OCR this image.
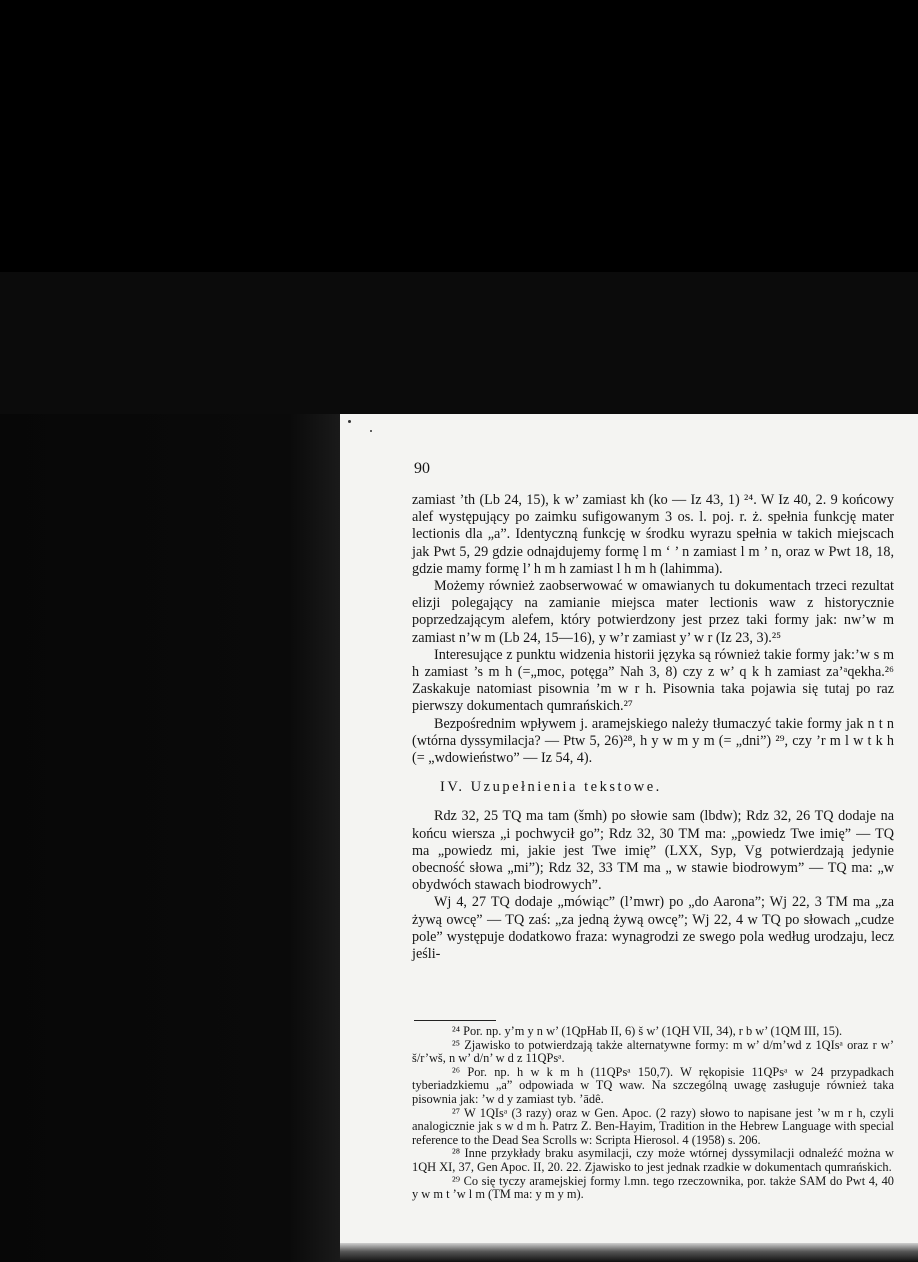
90

zamiast ’th (Lb 24, 15), k w’ zamiast kh (ko — Iz 43, 1) ²⁴. W Iz 40, 2. 9 końcowy alef występujący po zaimku sufigowanym 3 os. l. poj. r. ż. spełnia funkcję mater lectionis dla „a”. Identyczną funkcję w środku wyrazu spełnia w takich miejscach jak Pwt 5, 29 gdzie odnajdujemy formę l m ‘ ’ n zamiast l m ’ n, oraz w Pwt 18, 18, gdzie mamy formę l’ h m h zamiast l h m h (lahimma).

Możemy również zaobserwować w omawianych tu dokumentach trzeci rezultat elizji polegający na zamianie miejsca mater lectionis waw z historycznie poprzedzającym alefem, który potwierdzony jest przez taki formy jak: nw’w m zamiast n’w m (Lb 24, 15—16), y w’r zamiast y’ w r (Iz 23, 3).²⁵

Interesujące z punktu widzenia historii języka są również takie formy jak:’w s m h zamiast ’s m h (=„moc, potęga” Nah 3, 8) czy z w’ q k h zamiast za’ᵃqekha.²⁶ Zaskakuje natomiast pisownia ’m w r h. Pisownia taka pojawia się tutaj po raz pierwszy dokumentach qumrańskich.²⁷

Bezpośrednim wpływem j. aramejskiego należy tłumaczyć takie formy jak n t n (wtórna dyssymilacja? — Ptw 5, 26)²⁸, h y w m y m (= „dni”) ²⁹, czy ’r m l w t k h (= „wdowieństwo” — Iz 54, 4).

IV. Uzupełnienia tekstowe.

Rdz 32, 25 TQ ma tam (šmh) po słowie sam (lbdw); Rdz 32, 26 TQ dodaje na końcu wiersza „i pochwycił go”; Rdz 32, 30 TM ma: „powiedz Twe imię” — TQ ma „powiedz mi, jakie jest Twe imię” (LXX, Syp, Vg potwierdzają jedynie obecność słowa „mi”); Rdz 32, 33 TM ma „ w stawie biodrowym” — TQ ma: „w obydwóch stawach biodrowych”.

Wj 4, 27 TQ dodaje „mówiąc” (l’mwr) po „do Aarona”; Wj 22, 3 TM ma „za żywą owcę” — TQ zaś: „za jedną żywą owcę”; Wj 22, 4 w TQ po słowach „cudze pole” występuje dodatkowo fraza: wynagrodzi ze swego pola według urodzaju, lecz jeśli-

²⁴ Por. np. y’m y n w’ (1QpHab II, 6) š w’ (1QH VII, 34), r b w’ (1QM III, 15).

²⁵ Zjawisko to potwierdzają także alternatywne formy: m w’ d/m’wd z 1QIsᵃ oraz r w’ š/r’wš, n w’ d/n’ w d z 11QPsᵃ.

²⁶ Por. np. h w k m h (11QPsᵃ 150,7). W rękopisie 11QPsᵃ w 24 przypadkach tyberiadzkiemu „a” odpowiada w TQ waw. Na szczególną uwagę zasługuje również taka pisownia jak: ’w d y zamiast tyb. ’ādê.

²⁷ W 1QIsᵃ (3 razy) oraz w Gen. Apoc. (2 razy) słowo to napisane jest ’w m r h, czyli analogicznie jak s w d m h. Patrz Z. Ben-Hayim, Tradition in the Hebrew Language with special reference to the Dead Sea Scrolls w: Scripta Hierosol. 4 (1958) s. 206.

²⁸ Inne przykłady braku asymilacji, czy może wtórnej dyssymilacji odnaleźć można w 1QH XI, 37, Gen Apoc. II, 20. 22. Zjawisko to jest jednak rzadkie w dokumentach qumrańskich.

²⁹ Co się tyczy aramejskiej formy l.mn. tego rzeczownika, por. także SAM do Pwt 4, 40 y w m t ’w l m (TM ma: y m y m).
